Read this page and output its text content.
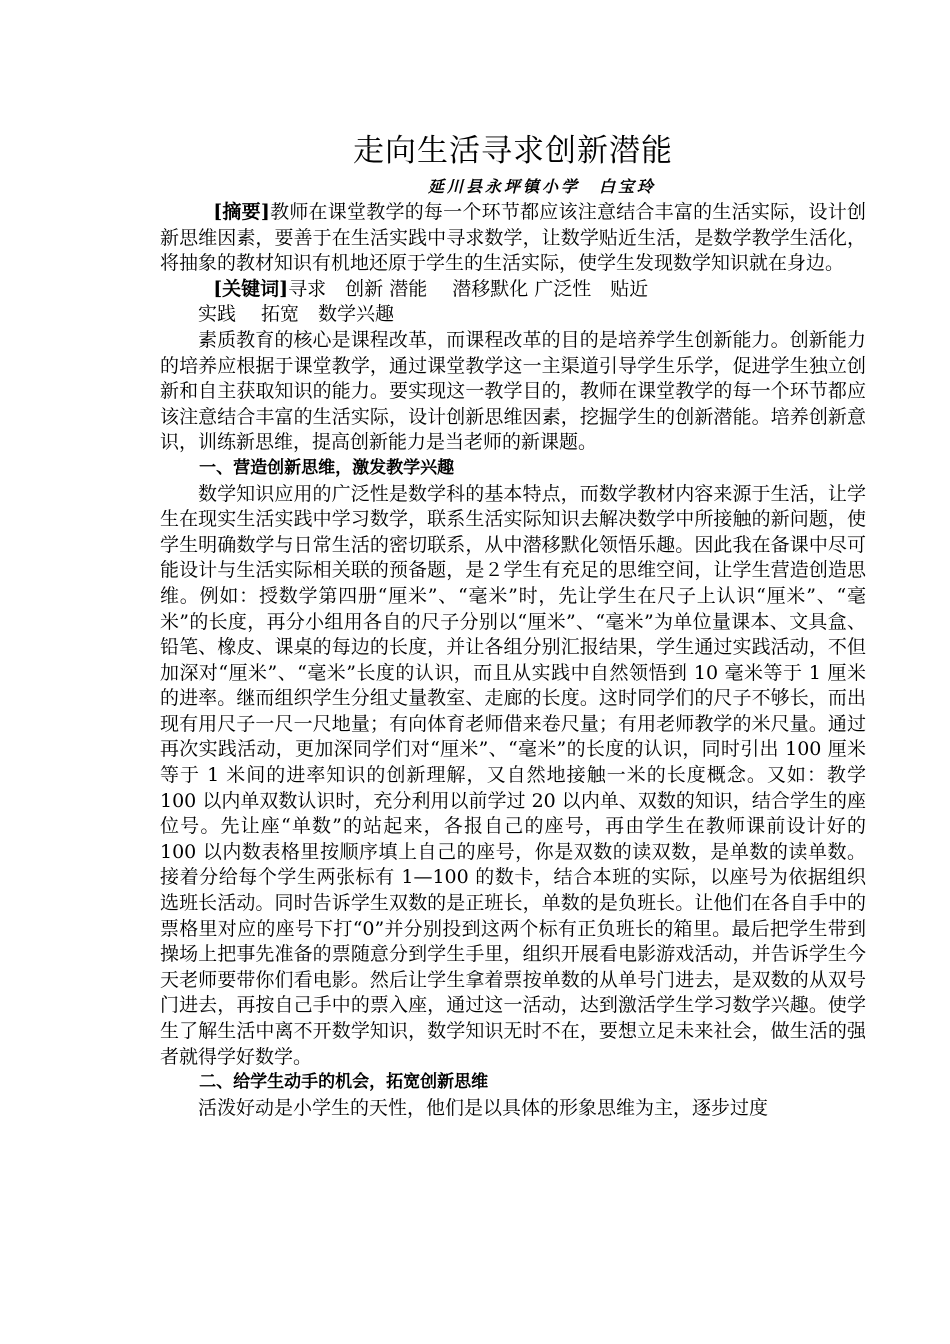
走向生活寻求创新潜能
延川县永坪镇小学　白宝玲

[摘要]教师在课堂教学的每一个环节都应该注意结合丰富的生活实际，设计创新思维因素，要善于在生活实践中寻求数学，让数学贴近生活，是数学教学生活化，将抽象的教材知识有机地还原于学生的生活实际，使学生发现数学知识就在身边。

[关键词]寻求　创新 潜能　 潜移默化 广泛性　贴近

实践　 拓宽　数学兴趣

素质教育的核心是课程改革，而课程改革的目的是培养学生创新能力。创新能力的培养应根据于课堂教学，通过课堂教学这一主渠道引导学生乐学，促进学生独立创新和自主获取知识的能力。要实现这一教学目的，教师在课堂教学的每一个环节都应该注意结合丰富的生活实际，设计创新思维因素，挖掘学生的创新潜能。培养创新意识，训练新思维，提高创新能力是当老师的新课题。

一、营造创新思维，激发教学兴趣

数学知识应用的广泛性是数学科的基本特点，而数学教材内容来源于生活，让学生在现实生活实践中学习数学，联系生活实际知识去解决数学中所接触的新问题，使学生明确数学与日常生活的密切联系，从中潜移默化领悟乐趣。因此我在备课中尽可能设计与生活实际相关联的预备题，是２学生有充足的思维空间，让学生营造创造思维。例如：授数学第四册“厘米”、“毫米”时，先让学生在尺子上认识“厘米”、“毫米”的长度，再分小组用各自的尺子分别以“厘米”、“毫米”为单位量课本、文具盒、铅笔、橡皮、课桌的每边的长度，并让各组分别汇报结果，学生通过实践活动，不但加深对“厘米”、“毫米”长度的认识，而且从实践中自然领悟到 10 毫米等于 1 厘米的进率。继而组织学生分组丈量教室、走廊的长度。这时同学们的尺子不够长，而出现有用尺子一尺一尺地量；有向体育老师借来卷尺量；有用老师教学的米尺量。通过再次实践活动，更加深同学们对“厘米”、“毫米”的长度的认识，同时引出 100 厘米等于 1 米间的进率知识的创新理解，又自然地接触一米的长度概念。又如：教学 100 以内单双数认识时，充分利用以前学过 20 以内单、双数的知识，结合学生的座位号。先让座“单数”的站起来，各报自己的座号，再由学生在教师课前设计好的 100 以内数表格里按顺序填上自己的座号，你是双数的读双数，是单数的读单数。接着分给每个学生两张标有 1—100 的数卡，结合本班的实际，以座号为依据组织选班长活动。同时告诉学生双数的是正班长，单数的是负班长。让他们在各自手中的票格里对应的座号下打“0”并分别投到这两个标有正负班长的箱里。最后把学生带到操场上把事先准备的票随意分到学生手里，组织开展看电影游戏活动，并告诉学生今天老师要带你们看电影。然后让学生拿着票按单数的从单号门进去，是双数的从双号门进去，再按自己手中的票入座，通过这一活动，达到激活学生学习数学兴趣。使学生了解生活中离不开数学知识，数学知识无时不在，要想立足未来社会，做生活的强者就得学好数学。

二、给学生动手的机会，拓宽创新思维

活泼好动是小学生的天性，他们是以具体的形象思维为主，逐步过度
